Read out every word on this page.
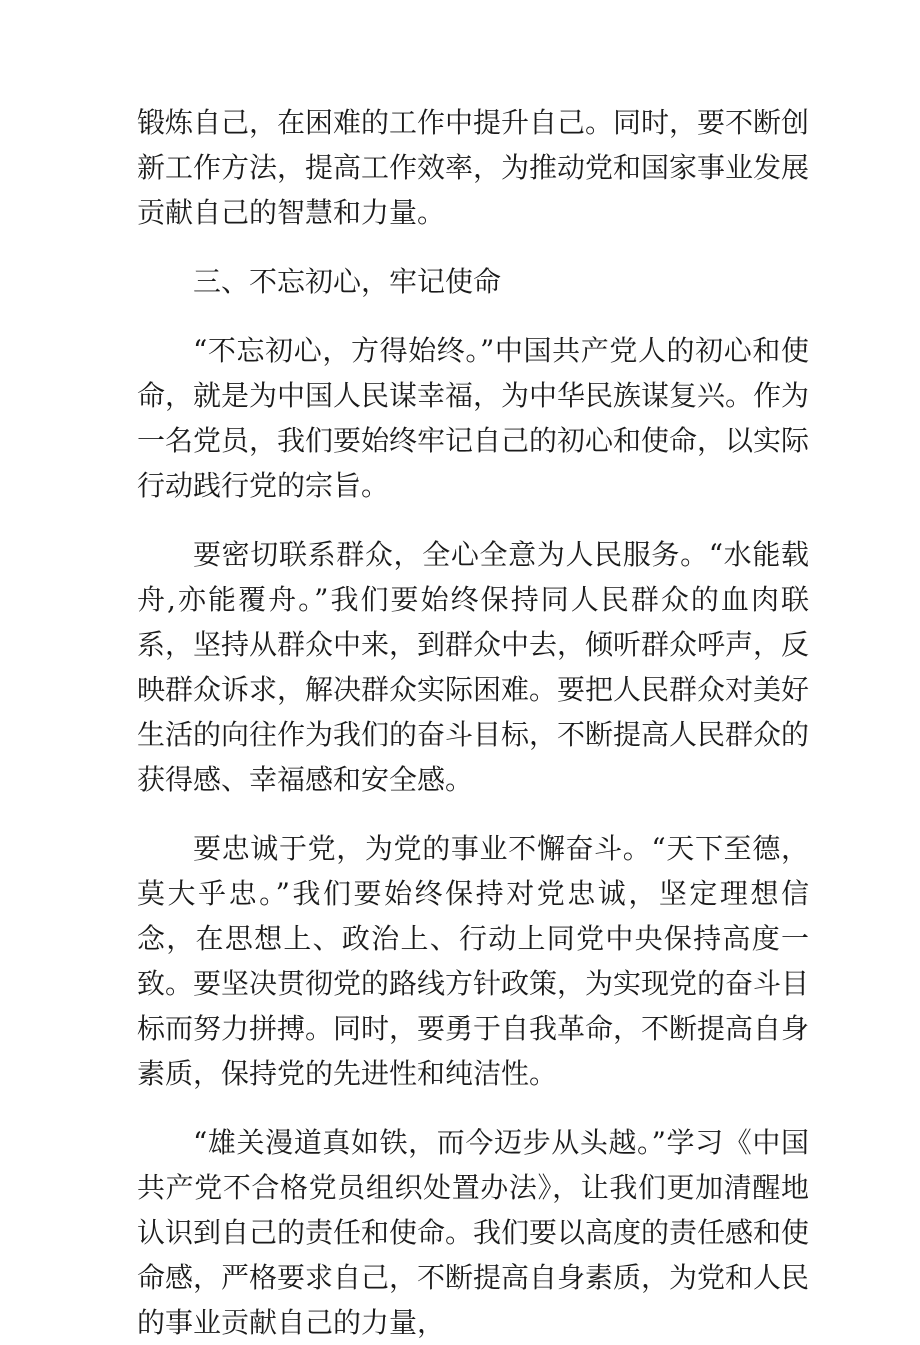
锻炼自己，在困难的工作中提升自己。同时，要不断创新工作方法，提高工作效率，为推动党和国家事业发展贡献自己的智慧和力量。

三、不忘初心，牢记使命

“不忘初心，方得始终。”中国共产党人的初心和使命，就是为中国人民谋幸福，为中华民族谋复兴。作为一名党员，我们要始终牢记自己的初心和使命，以实际行动践行党的宗旨。

要密切联系群众，全心全意为人民服务。“水能载舟,亦能覆舟。”我们要始终保持同人民群众的血肉联系，坚持从群众中来，到群众中去，倾听群众呼声，反映群众诉求，解决群众实际困难。要把人民群众对美好生活的向往作为我们的奋斗目标，不断提高人民群众的获得感、幸福感和安全感。

要忠诚于党，为党的事业不懈奋斗。“天下至德，莫大乎忠。”我们要始终保持对党忠诚，坚定理想信念，在思想上、政治上、行动上同党中央保持高度一致。要坚决贯彻党的路线方针政策，为实现党的奋斗目标而努力拼搏。同时，要勇于自我革命，不断提高自身素质，保持党的先进性和纯洁性。

“雄关漫道真如铁，而今迈步从头越。”学习《中国共产党不合格党员组织处置办法》，让我们更加清醒地认识到自己的责任和使命。我们要以高度的责任感和使命感，严格要求自己，不断提高自身素质，为党和人民的事业贡献自己的力量，
